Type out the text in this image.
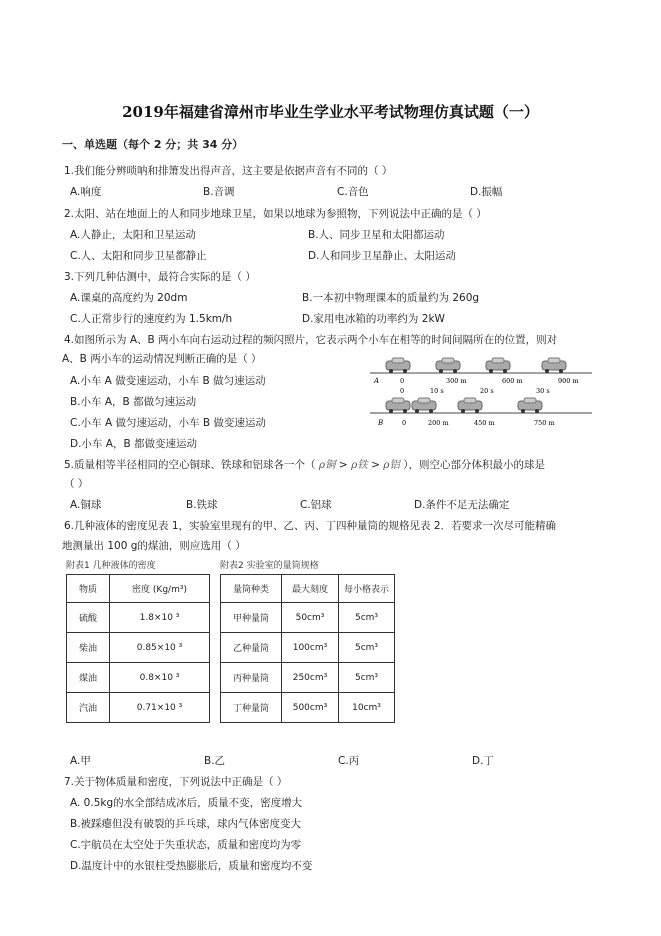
2019年福建省漳州市毕业生学业水平考试物理仿真试题（一）
一、单选题（每个 2 分；共 34 分）
1.我们能分辨唢呐和排箫发出得声音，这主要是依据声音有不同的（ ）
A.响度	B.音调	C.音色	D.振幅
2.太阳、站在地面上的人和同步地球卫星，如果以地球为参照物，下列说法中正确的是（ ）
A.人静止，太阳和卫星运动	B.人、同步卫星和太阳都运动
C.人、太阳和同步卫星都静止	D.人和同步卫星静止、太阳运动
3.下列几种估测中，最符合实际的是（ ）
A.课桌的高度约为 20dm	B.一本初中物理课本的质量约为 260g
C.人正常步行的速度约为 1.5km/h	D.家用电冰箱的功率约为 2kW
4.如图所示为 A、B 两小车向右运动过程的频闪照片，它表示两个小车在相等的时间间隔所在的位置，则对
A、B 两小车的运动情况判断正确的是（ ）
A.小车 A 做变速运动，小车 B 做匀速运动
B.小车 A，B 都做匀速运动
C.小车 A 做匀速运动，小车 B 做变速运动
D.小车 A，B 都做变速运动
A	0	300 m	600 m	900 m
0	10 s	20 s	30 s
B	0	200 m	450 m	750 m
5.质量相等半径相同的空心铜球、铁球和铝球各一个（ ρ铜 > ρ铁 > ρ铝 ），则空心部分体积最小的球是
（ ）
A.铜球	B.铁球	C.铝球	D.条件不足无法确定
6.几种液体的密度见表 1，实验室里现有的甲、乙、丙、丁四种量筒的规格见表 2．若要求一次尽可能精确
地测量出 100 g的煤油，则应选用（ ）
附表1 几种液体的密度
物质	密度 (Kg/m³)
硫酸	1.8×10 ³
柴油	0.85×10 ³
煤油	0.8×10 ³
汽油	0.71×10 ³
附表2 实验室的量筒规格
量筒种类	最大刻度	每小格表示
甲种量筒	50cm³	5cm³
乙种量筒	100cm³	5cm³
丙种量筒	250cm³	5cm³
丁种量筒	500cm³	10cm³
A.甲	B.乙	C.丙	D.丁
7.关于物体质量和密度，下列说法中正确是（ ）
A. 0.5kg的水全部结成冰后，质量不变，密度增大
B.被踩瘪但没有破裂的乒乓球，球内气体密度变大
C.宇航员在太空处于失重状态，质量和密度均为零
D.温度计中的水银柱受热膨胀后，质量和密度均不变
